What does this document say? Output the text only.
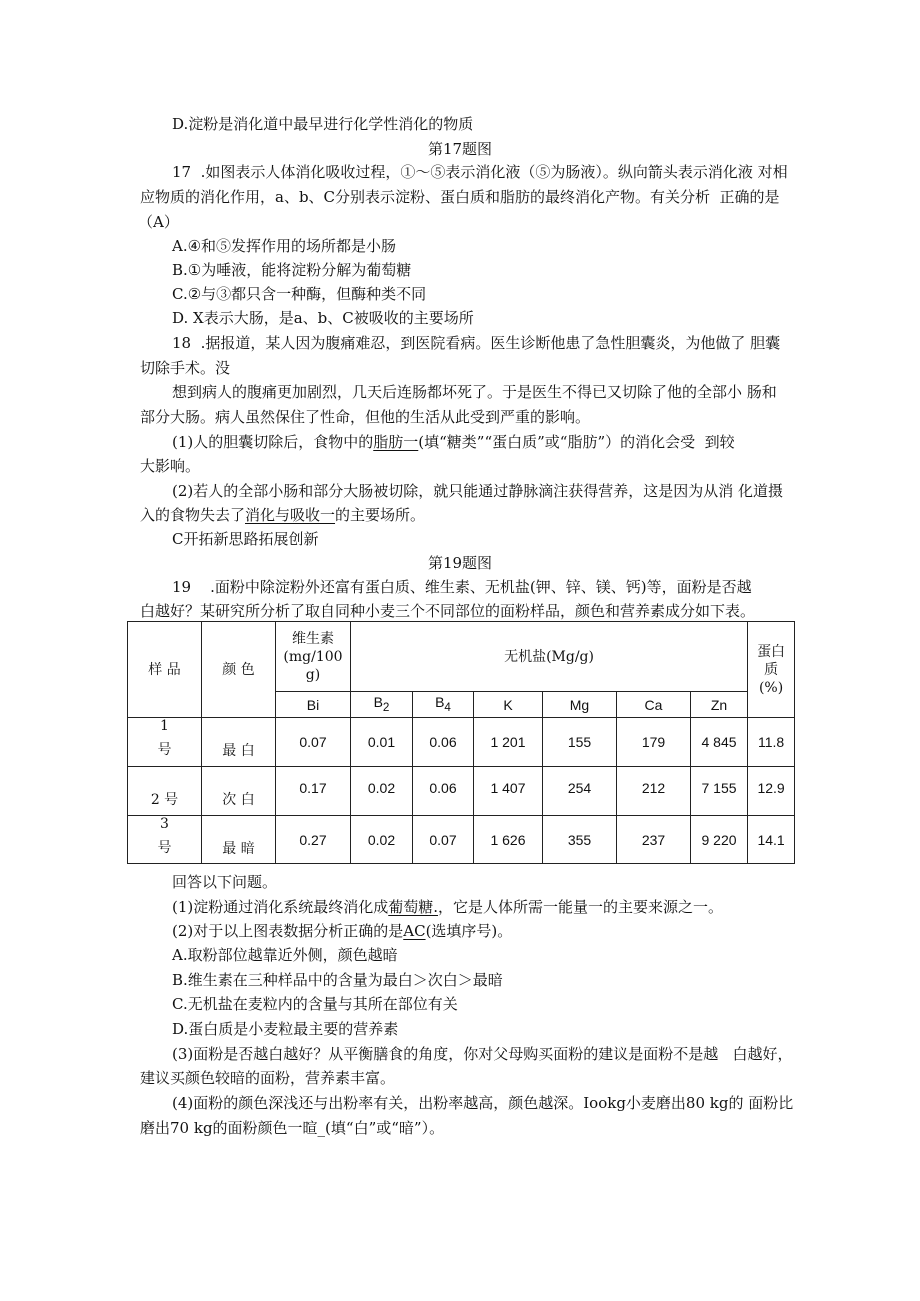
D.淀粉是消化道中最早进行化学性消化的物质
第17题图
17  .如图表示人体消化吸收过程，①～⑤表示消化液（⑤为肠液）。纵向箭头表示消化液 对相
应物质的消化作用，a、b、C分别表示淀粉、蛋白质和脂肪的最终消化产物。有关分析  正确的是
（A）
A.④和⑤发挥作用的场所都是小肠
B.①为唾液，能将淀粉分解为葡萄糖
C.②与③都只含一种酶，但酶种类不同
D. X表示大肠，是a、b、C被吸收的主要场所
18  .据报道，某人因为腹痛难忍，到医院看病。医生诊断他患了急性胆囊炎，为他做了 胆囊
切除手术。没
想到病人的腹痛更加剧烈，几天后连肠都坏死了。于是医生不得已又切除了他的全部小 肠和
部分大肠。病人虽然保住了性命，但他的生活从此受到严重的影响。
(1)人的胆囊切除后，食物中的脂肪一(填“糖类”“蛋白质”或“脂肪”）的消化会受  到较
大影响。
(2)若人的全部小肠和部分大肠被切除，就只能通过静脉滴注获得营养，这是因为从消 化道摄
入的食物失去了消化与吸收一的主要场所。
C开拓新思路拓展创新
第19题图
19    .面粉中除淀粉外还富有蛋白质、维生素、无机盐(钾、锌、镁、钙)等，面粉是否越
白越好？某研究所分析了取自同种小麦三个不同部位的面粉样品，颜色和营养素成分如下表。
样 品	颜 色	维生素
(mg/100 g)	无机盐(Mg/g)						蛋白 质
(%)

		Bi	$B_2$	$B_4$	K	Mg	Ca	Zn	

1
号	最 白	0.07	0.01	0.06	1 201	155	179	4 845	11.8

2 号	次 白	0.17	0.02	0.06	1 407	254	212	7 155	12.9

3
号	最 暗	0.27	0.02	0.07	1 626	355	237	9 220	14.1
回答以下问题。
(1)淀粉通过消化系统最终消化成葡萄糖.，它是人体所需一能量一的主要来源之一。
(2)对于以上图表数据分析正确的是AC(选填序号)。
A.取粉部位越靠近外侧，颜色越暗
B.维生素在三种样品中的含量为最白＞次白＞最暗
C.无机盐在麦粒内的含量与其所在部位有关
D.蛋白质是小麦粒最主要的营养素
(3)面粉是否越白越好？从平衡膳食的角度，你对父母购买面粉的建议是面粉不是越   白越好，
建议买颜色较暗的面粉，营养素丰富。
(4)面粉的颜色深浅还与出粉率有关，出粉率越高，颜色越深。Iookg小麦磨出80 kg的 面粉比
磨出70 kg的面粉颜色一暄_(填“白”或“暗”）。
